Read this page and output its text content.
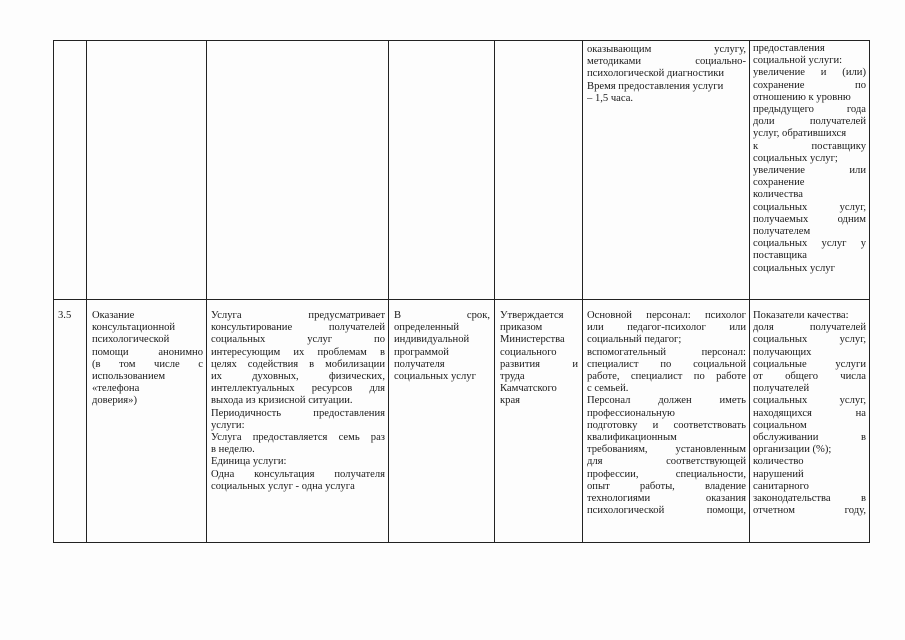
оказывающим услугу,
методиками социально-
психологической диагностики
Время предоставления услуги
– 1,5 часа.
предоставления
социальной услуги:
увеличение и (или)
сохранение по
отношению к уровню
предыдущего года
доли получателей
услуг, обратившихся
к поставщику
социальных услуг;
увеличение или
сохранение
количества
социальных услуг,
получаемых одним
получателем
социальных услуг у
поставщика
социальных услуг
3.5	Оказание
консультационной
психологической
помощи анонимно
(в том числе с
использованием
«телефона
доверия»)
Услуга предусматривает
консультирование получателей
социальных услуг по
интересующим их проблемам в
целях содействия в мобилизации
их духовных, физических,
интеллектуальных ресурсов для
выхода из кризисной ситуации.
Периодичность предоставления
услуги:
Услуга предоставляется семь раз
в неделю.
Единица услуги:
Одна консультация получателя
социальных услуг - одна услуга
В срок,
определенный
индивидуальной
программой
получателя
социальных услуг
Утверждается
приказом
Министерства
социального
развития и
труда
Камчатского
края
Основной персонал: психолог
или педагог-психолог или
социальный педагог;
вспомогательный персонал:
специалист по социальной
работе, специалист по работе
с семьей.
Персонал должен иметь
профессиональную
подготовку и соответствовать
квалификационным
требованиям, установленным
для соответствующей
профессии, специальности,
опыт работы, владение
технологиями оказания
психологической помощи,
Показатели качества:
доля получателей
социальных услуг,
получающих
социальные услуги
от общего числа
получателей
социальных услуг,
находящихся на
социальном
обслуживании в
организации (%);
количество
нарушений
санитарного
законодательства в
отчетном году,
